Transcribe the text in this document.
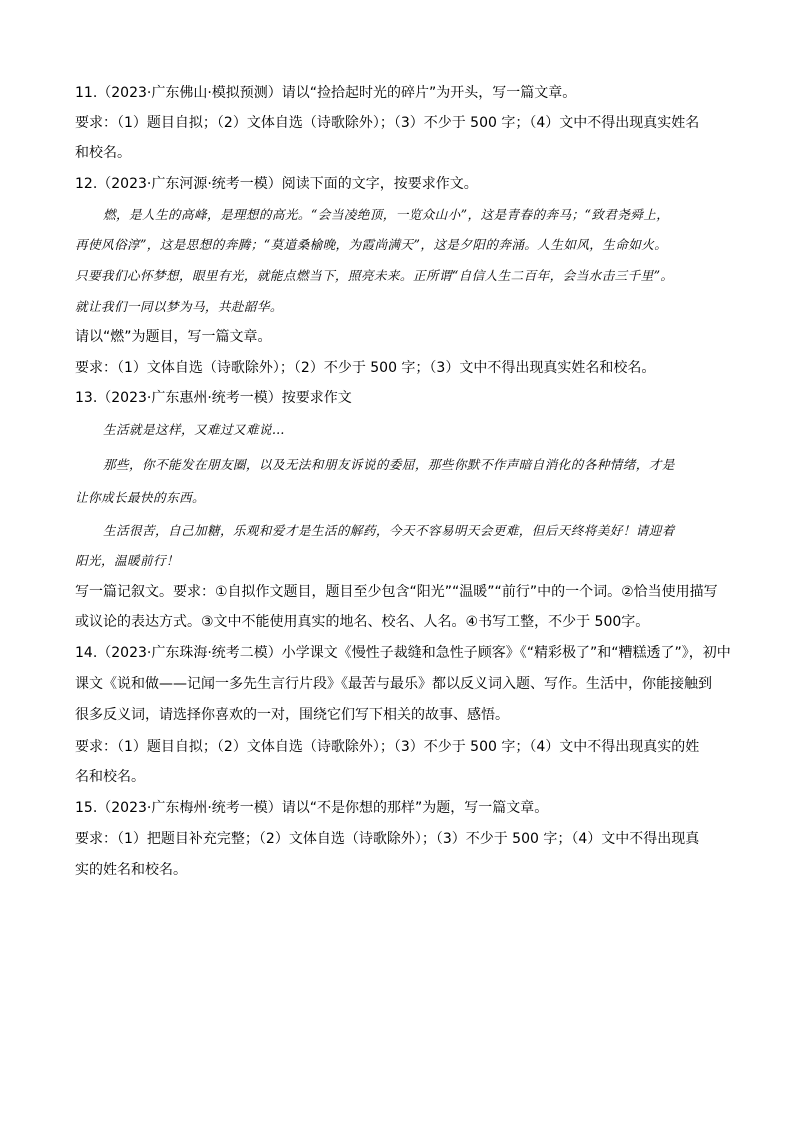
11.（2023·广东佛山·模拟预测）请以“捡拾起时光的碎片”为开头，写一篇文章。
要求：（1）题目自拟；（2）文体自选（诗歌除外）；（3）不少于 500 字；（4）文中不得出现真实姓名
和校名。
12.（2023·广东河源·统考一模）阅读下面的文字，按要求作文。
燃，是人生的高峰，是理想的高光。“会当凌绝顶，一览众山小”，这是青春的奔马；“致君尧舜上，
再使风俗淳”，这是思想的奔腾；“莫道桑榆晚，为霞尚满天”，这是夕阳的奔涌。人生如风，生命如火。
只要我们心怀梦想，眼里有光，就能点燃当下，照亮未来。正所谓“自信人生二百年，会当水击三千里”。
就让我们一同以梦为马，共赴韶华。
请以“燃”为题目，写一篇文章。
要求：（1）文体自选（诗歌除外）；（2）不少于 500 字；（3）文中不得出现真实姓名和校名。
13.（2023·广东惠州·统考一模）按要求作文
生活就是这样，又难过又难说…
那些，你不能发在朋友圈，以及无法和朋友诉说的委屈，那些你默不作声暗自消化的各种情绪，才是
让你成长最快的东西。
生活很苦，自己加糖，乐观和爱才是生活的解药，今天不容易明天会更难，但后天终将美好！请迎着
阳光，温暖前行！
写一篇记叙文。要求：①自拟作文题目，题目至少包含“阳光”“温暖”“前行”中的一个词。②恰当使用描写
或议论的表达方式。③文中不能使用真实的地名、校名、人名。④书写工整，不少于 500字。
14.（2023·广东珠海·统考二模）小学课文《慢性子裁缝和急性子顾客》《“精彩极了”和“糟糕透了”》，初中
课文《说和做——记闻一多先生言行片段》《最苦与最乐》都以反义词入题、写作。生活中，你能接触到
很多反义词，请选择你喜欢的一对，围绕它们写下相关的故事、感悟。
要求：（1）题目自拟；（2）文体自选（诗歌除外）；（3）不少于 500 字；（4）文中不得出现真实的姓
名和校名。
15.（2023·广东梅州·统考一模）请以“不是你想的那样”为题，写一篇文章。
要求：（1）把题目补充完整；（2）文体自选（诗歌除外）；（3）不少于 500 字；（4）文中不得出现真
实的姓名和校名。
